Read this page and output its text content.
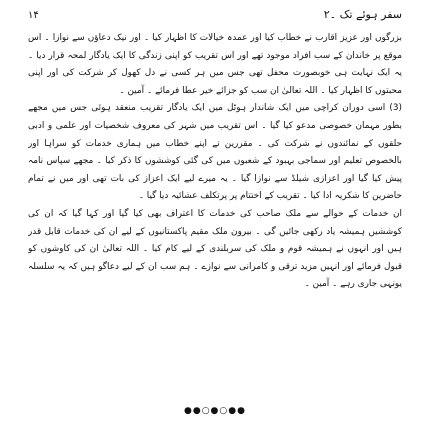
۱۴	سفر ہوئے تک ۔۲

بزرگوں اور عزیز اقارب نے خطاب کیا اور عمدہ خیالات کا اظہار کیا ۔ اور نیک دعاؤں سے نوازا ۔ اس موقع پر خاندان کے سب افراد موجود تھے اور اس تقریب کو اپنی زندگی کا ایک یادگار لمحہ قرار دیا ۔ یہ ایک نہایت ہی خوبصورت محفل تھی جس میں ہر کسی نے دل کھول کر شرکت کی اور اپنی محبتوں کا اظہار کیا ۔ اللہ تعالیٰ ان سب کو جزائے خیر عطا فرمائے ۔ آمین ۔

(3) اسی دوران کراچی میں ایک شاندار ہوٹل میں ایک یادگار تقریب منعقد ہوئی جس میں مجھے بطور مہمان خصوصی مدعو کیا گیا ۔ اس تقریب میں شہر کی معروف شخصیات اور علمی و ادبی حلقوں کے نمائندوں نے شرکت کی ۔ مقررین نے اپنے خطاب میں ہماری خدمات کو سراہا اور بالخصوص تعلیم اور سماجی بہبود کے شعبوں میں کی گئی کوششوں کا ذکر کیا ۔ مجھے سپاس نامہ پیش کیا گیا اور اعزازی شیلڈ سے نوازا گیا ۔ یہ میرے لیے ایک اعزاز کی بات تھی اور میں نے تمام حاضرین کا شکریہ ادا کیا ۔ تقریب کے اختتام پر پرتکلف عشائیہ دیا گیا ۔

ان خدمات کے حوالے سے ملک صاحب کی خدمات کا اعتراف بھی کیا گیا اور کہا گیا کہ ان کی کوششیں ہمیشہ یاد رکھی جائیں گی ۔ بیرون ملک مقیم پاکستانیوں کے لیے ان کی خدمات قابل قدر ہیں اور انہوں نے ہمیشہ قوم و ملک کی سربلندی کے لیے کام کیا ۔ اللہ تعالیٰ ان کی کاوشوں کو قبول فرمائے اور انہیں مزید ترقی و کامرانی سے نوازے ۔ ہم سب ان کے لیے دعاگو ہیں کہ یہ سلسلہ یونہی جاری رہے ۔ آمین ۔

●●○●○●●
